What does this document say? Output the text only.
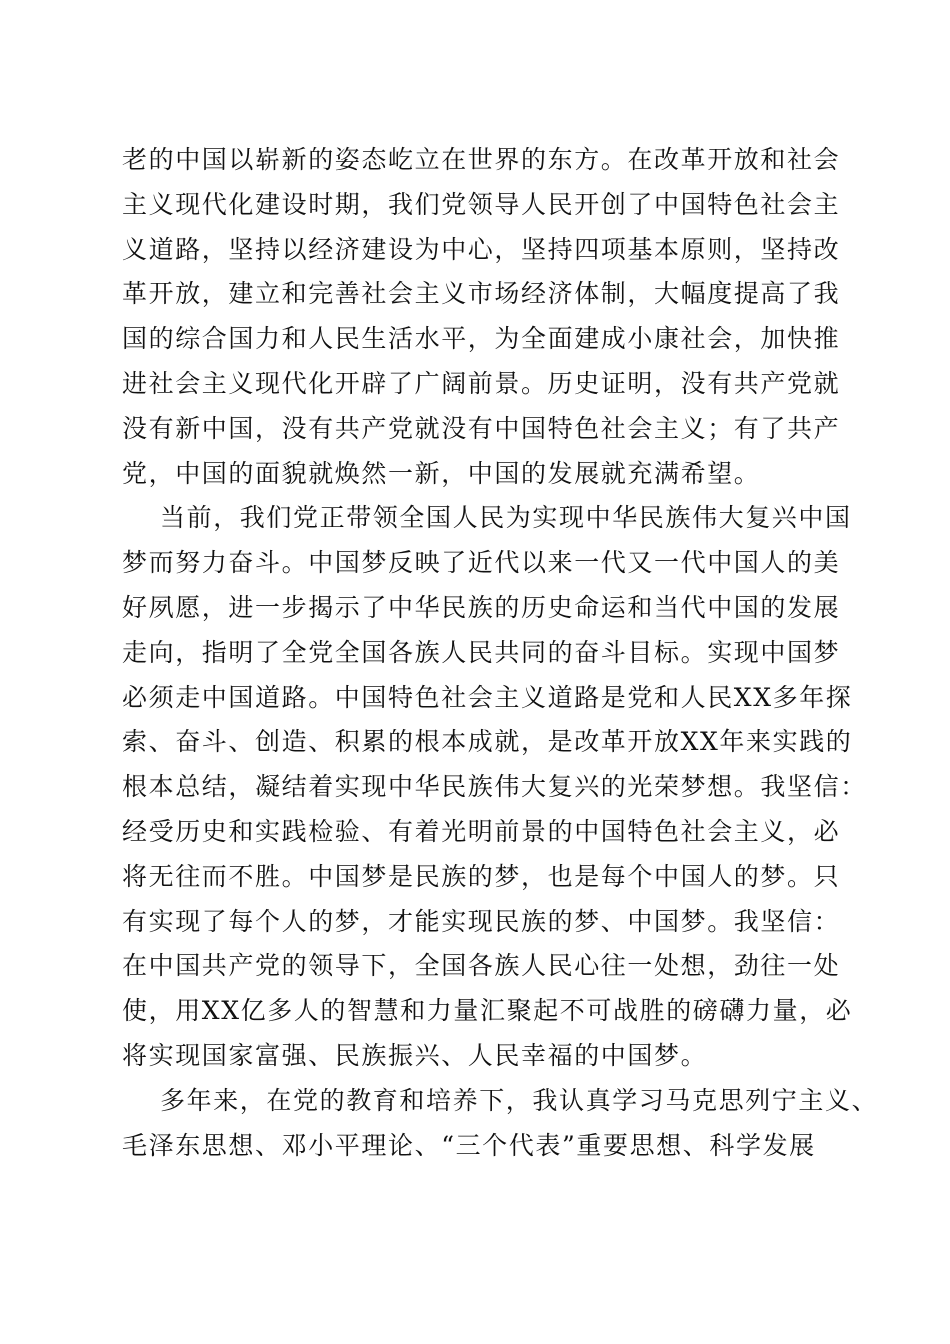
老的中国以崭新的姿态屹立在世界的东方。在改革开放和社会
主义现代化建设时期，我们党领导人民开创了中国特色社会主
义道路，坚持以经济建设为中心，坚持四项基本原则，坚持改
革开放，建立和完善社会主义市场经济体制，大幅度提高了我
国的综合国力和人民生活水平，为全面建成小康社会，加快推
进社会主义现代化开辟了广阔前景。历史证明，没有共产党就
没有新中国，没有共产党就没有中国特色社会主义；有了共产
党，中国的面貌就焕然一新，中国的发展就充满希望。
当前，我们党正带领全国人民为实现中华民族伟大复兴中国
梦而努力奋斗。中国梦反映了近代以来一代又一代中国人的美
好夙愿，进一步揭示了中华民族的历史命运和当代中国的发展
走向，指明了全党全国各族人民共同的奋斗目标。实现中国梦
必须走中国道路。中国特色社会主义道路是党和人民XX多年探
索、奋斗、创造、积累的根本成就，是改革开放XX年来实践的
根本总结，凝结着实现中华民族伟大复兴的光荣梦想。我坚信：
经受历史和实践检验、有着光明前景的中国特色社会主义，必
将无往而不胜。中国梦是民族的梦，也是每个中国人的梦。只
有实现了每个人的梦，才能实现民族的梦、中国梦。我坚信：
在中国共产党的领导下，全国各族人民心往一处想，劲往一处
使，用XX亿多人的智慧和力量汇聚起不可战胜的磅礴力量，必
将实现国家富强、民族振兴、人民幸福的中国梦。
多年来，在党的教育和培养下，我认真学习马克思列宁主义、
毛泽东思想、邓小平理论、“三个代表”重要思想、科学发展
